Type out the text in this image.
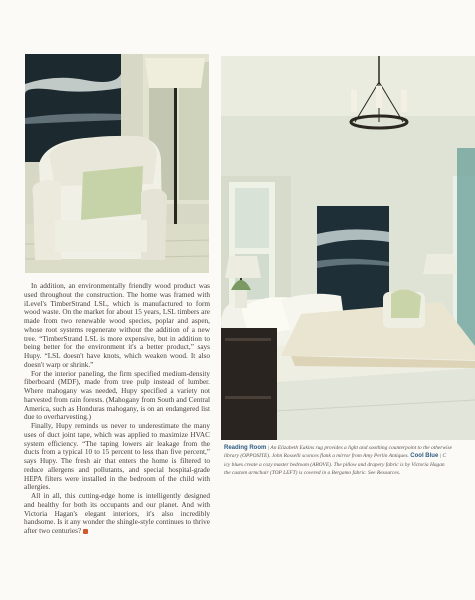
In addition, an environmentally friendly wood product was used throughout the construction. The home was framed with iLevel's TimberStrand LSL, which is manufactured to form wood waste. On the market for about 15 years, LSL timbers are made from two renewable wood species, poplar and aspen, whose root systems regenerate without the addition of a new tree. “TimberStrand LSL is more expensive, but in addition to being better for the environment it's a better product,” says Hupy. “LSL doesn't have knots, which weaken wood. It also doesn't warp or shrink.”

For the interior paneling, the firm specified medium-density fiberboard (MDF), made from tree pulp instead of lumber. Where mahogany was needed, Hupy specified a variety not harvested from rain forests. (Mahogany from South and Central America, such as Honduras mahogany, is on an endangered list due to overharvesting.)

Finally, Hupy reminds us never to underestimate the many uses of duct joint tape, which was applied to maximize HVAC system efficiency. “The taping lowers air leakage from the ducts from a typical 10 to 15 percent to less than five percent,” says Hupy. The fresh air that enters the home is filtered to reduce allergens and pollutants, and special hospital-grade HEPA filters were installed in the bedroom of the child with allergies.

All in all, this cutting-edge home is intelligently designed and healthy for both its occupants and our planet. And with Victoria Hagan's elegant interiors, it's also incredibly handsome. Is it any wonder the shingle-style continues to thrive after two centuries?

Reading Room | An Elizabeth Eakins rug provides a light and soothing counterpoint to the otherwise
library (OPPOSITE). John Rosselli sconces flank a mirror from Amy Perlin Antiques. Cool Blue | C
icy blues create a cozy master bedroom (ABOVE). The pillow and drapery fabric is by Victoria Hagan
the custom armchair (TOP LEFT) is covered in a Bergamo fabric. See Resources.
